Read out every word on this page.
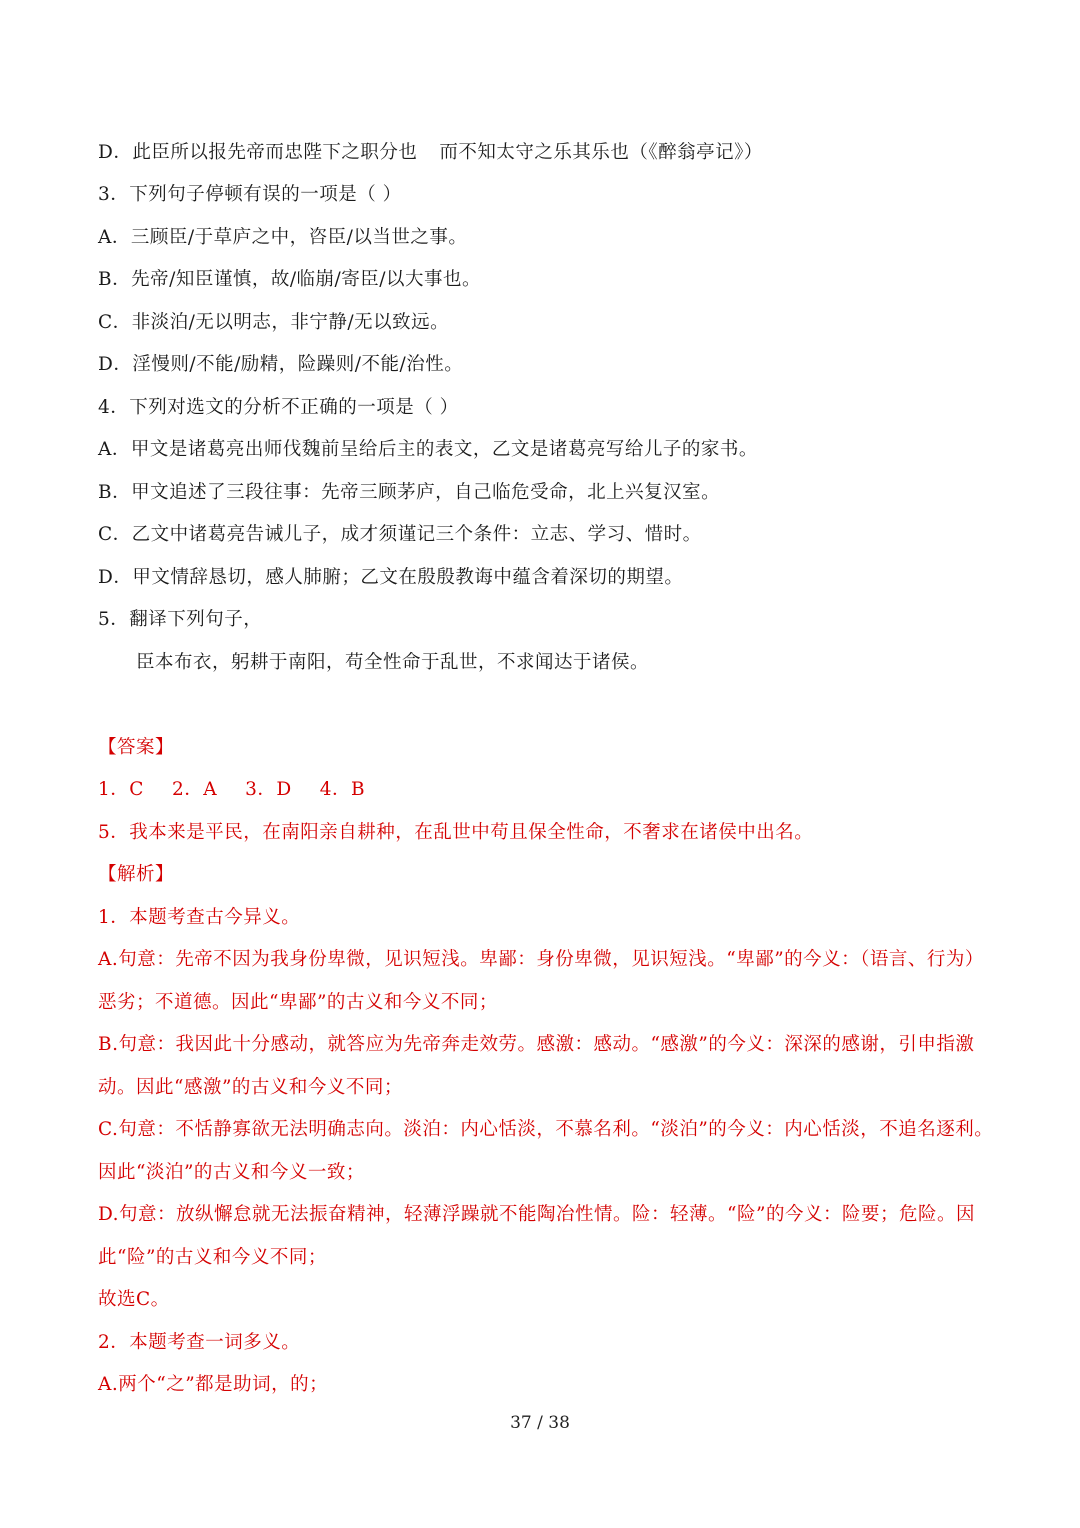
D．此臣所以报先帝而忠陛下之职分也 而不知太守之乐其乐也（《醉翁亭记》）
3．下列句子停顿有误的一项是（ ）
A．三顾臣/于草庐之中，咨臣/以当世之事。
B．先帝/知臣谨慎，故/临崩/寄臣/以大事也。
C．非淡泊/无以明志，非宁静/无以致远。
D．淫慢则/不能/励精，险躁则/不能/治性。
4．下列对选文的分析不正确的一项是（ ）
A．甲文是诸葛亮出师伐魏前呈给后主的表文，乙文是诸葛亮写给儿子的家书。
B．甲文追述了三段往事：先帝三顾茅庐，自己临危受命，北上兴复汉室。
C．乙文中诸葛亮告诫儿子，成才须谨记三个条件：立志、学习、惜时。
D．甲文情辞恳切，感人肺腑；乙文在殷殷教诲中蕴含着深切的期望。
5．翻译下列句子，
臣本布衣，躬耕于南阳，苟全性命于乱世，不求闻达于诸侯。
【答案】
1．C 2．A 3．D 4．B
5．我本来是平民，在南阳亲自耕种，在乱世中苟且保全性命，不奢求在诸侯中出名。
【解析】
1．本题考查古今异义。
A.句意：先帝不因为我身份卑微，见识短浅。卑鄙：身份卑微，见识短浅。“卑鄙”的今义：（语言、行为）
恶劣；不道德。因此“卑鄙”的古义和今义不同；
B.句意：我因此十分感动，就答应为先帝奔走效劳。感激：感动。“感激”的今义：深深的感谢，引申指激
动。因此“感激”的古义和今义不同；
C.句意：不恬静寡欲无法明确志向。淡泊：内心恬淡，不慕名利。“淡泊”的今义：内心恬淡，不追名逐利。
因此“淡泊”的古义和今义一致；
D.句意：放纵懈怠就无法振奋精神，轻薄浮躁就不能陶冶性情。险：轻薄。“险”的今义：险要；危险。因
此“险”的古义和今义不同；
故选C。
2．本题考查一词多义。
A.两个“之”都是助词，的；
37 / 38
